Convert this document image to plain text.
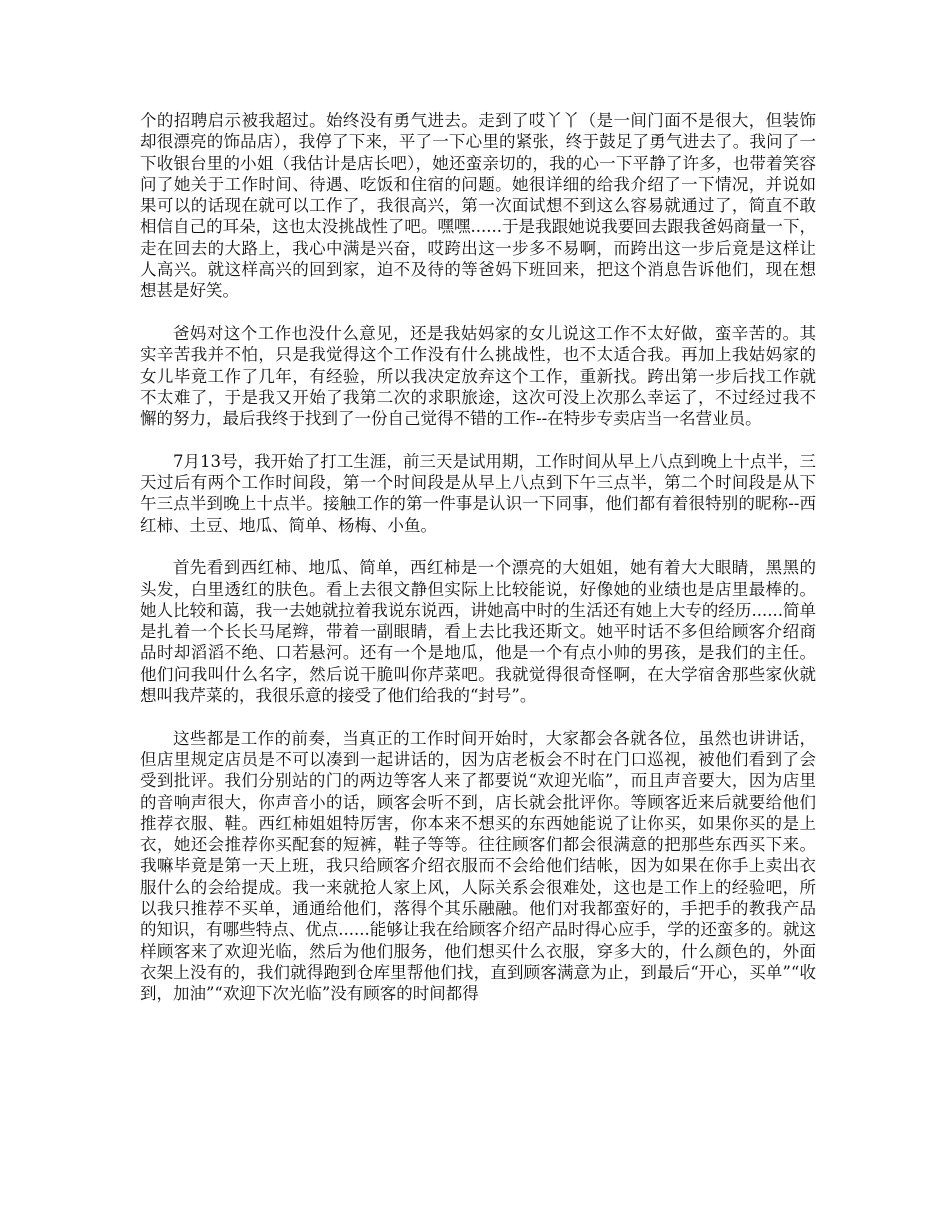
个的招聘启示被我超过。始终没有勇气进去。走到了哎丫丫（是一间门面不是很大，但装饰却很漂亮的饰品店），我停了下来，平了一下心里的紧张，终于鼓足了勇气进去了。我问了一下收银台里的小姐（我估计是店长吧），她还蛮亲切的，我的心一下平静了许多，也带着笑容问了她关于工作时间、待遇、吃饭和住宿的问题。她很详细的给我介绍了一下情况，并说如果可以的话现在就可以工作了，我很高兴，第一次面试想不到这么容易就通过了，简直不敢相信自己的耳朵，这也太没挑战性了吧。嘿嘿......于是我跟她说我要回去跟我爸妈商量一下，走在回去的大路上，我心中满是兴奋，哎跨出这一步多不易啊，而跨出这一步后竟是这样让人高兴。就这样高兴的回到家，迫不及待的等爸妈下班回来，把这个消息告诉他们，现在想想甚是好笑。

爸妈对这个工作也没什么意见，还是我姑妈家的女儿说这工作不太好做，蛮辛苦的。其实辛苦我并不怕，只是我觉得这个工作没有什么挑战性，也不太适合我。再加上我姑妈家的女儿毕竟工作了几年，有经验，所以我决定放弃这个工作，重新找。跨出第一步后找工作就不太难了，于是我又开始了我第二次的求职旅途，这次可没上次那么幸运了，不过经过我不懈的努力，最后我终于找到了一份自己觉得不错的工作--在特步专卖店当一名营业员。

7月13号，我开始了打工生涯，前三天是试用期，工作时间从早上八点到晚上十点半，三天过后有两个工作时间段，第一个时间段是从早上八点到下午三点半，第二个时间段是从下午三点半到晚上十点半。接触工作的第一件事是认识一下同事，他们都有着很特别的昵称--西红柿、土豆、地瓜、简单、杨梅、小鱼。

首先看到西红柿、地瓜、简单，西红柿是一个漂亮的大姐姐，她有着大大眼睛，黑黑的头发，白里透红的肤色。看上去很文静但实际上比较能说，好像她的业绩也是店里最棒的。她人比较和蔼，我一去她就拉着我说东说西，讲她高中时的生活还有她上大专的经历......简单是扎着一个长长马尾辫，带着一副眼睛，看上去比我还斯文。她平时话不多但给顾客介绍商品时却滔滔不绝、口若悬河。还有一个是地瓜，他是一个有点小帅的男孩，是我们的主任。他们问我叫什么名字，然后说干脆叫你芹菜吧。我就觉得很奇怪啊，在大学宿舍那些家伙就想叫我芹菜的，我很乐意的接受了他们给我的“封号”。

这些都是工作的前奏，当真正的工作时间开始时，大家都会各就各位，虽然也讲讲话，但店里规定店员是不可以凑到一起讲话的，因为店老板会不时在门口巡视，被他们看到了会受到批评。我们分别站的门的两边等客人来了都要说“欢迎光临”，而且声音要大，因为店里的音响声很大，你声音小的话，顾客会听不到，店长就会批评你。等顾客近来后就要给他们推荐衣服、鞋。西红柿姐姐特厉害，你本来不想买的东西她能说了让你买，如果你买的是上衣，她还会推荐你买配套的短裤，鞋子等等。往往顾客们都会很满意的把那些东西买下来。我嘛毕竟是第一天上班，我只给顾客介绍衣服而不会给他们结帐，因为如果在你手上卖出衣服什么的会给提成。我一来就抢人家上风，人际关系会很难处，这也是工作上的经验吧，所以我只推荐不买单，通通给他们，落得个其乐融融。他们对我都蛮好的，手把手的教我产品的知识，有哪些特点、优点......能够让我在给顾客介绍产品时得心应手，学的还蛮多的。就这样顾客来了欢迎光临，然后为他们服务，他们想买什么衣服，穿多大的，什么颜色的，外面衣架上没有的，我们就得跑到仓库里帮他们找，直到顾客满意为止，到最后“开心，买单”“收到，加油”“欢迎下次光临”没有顾客的时间都得
